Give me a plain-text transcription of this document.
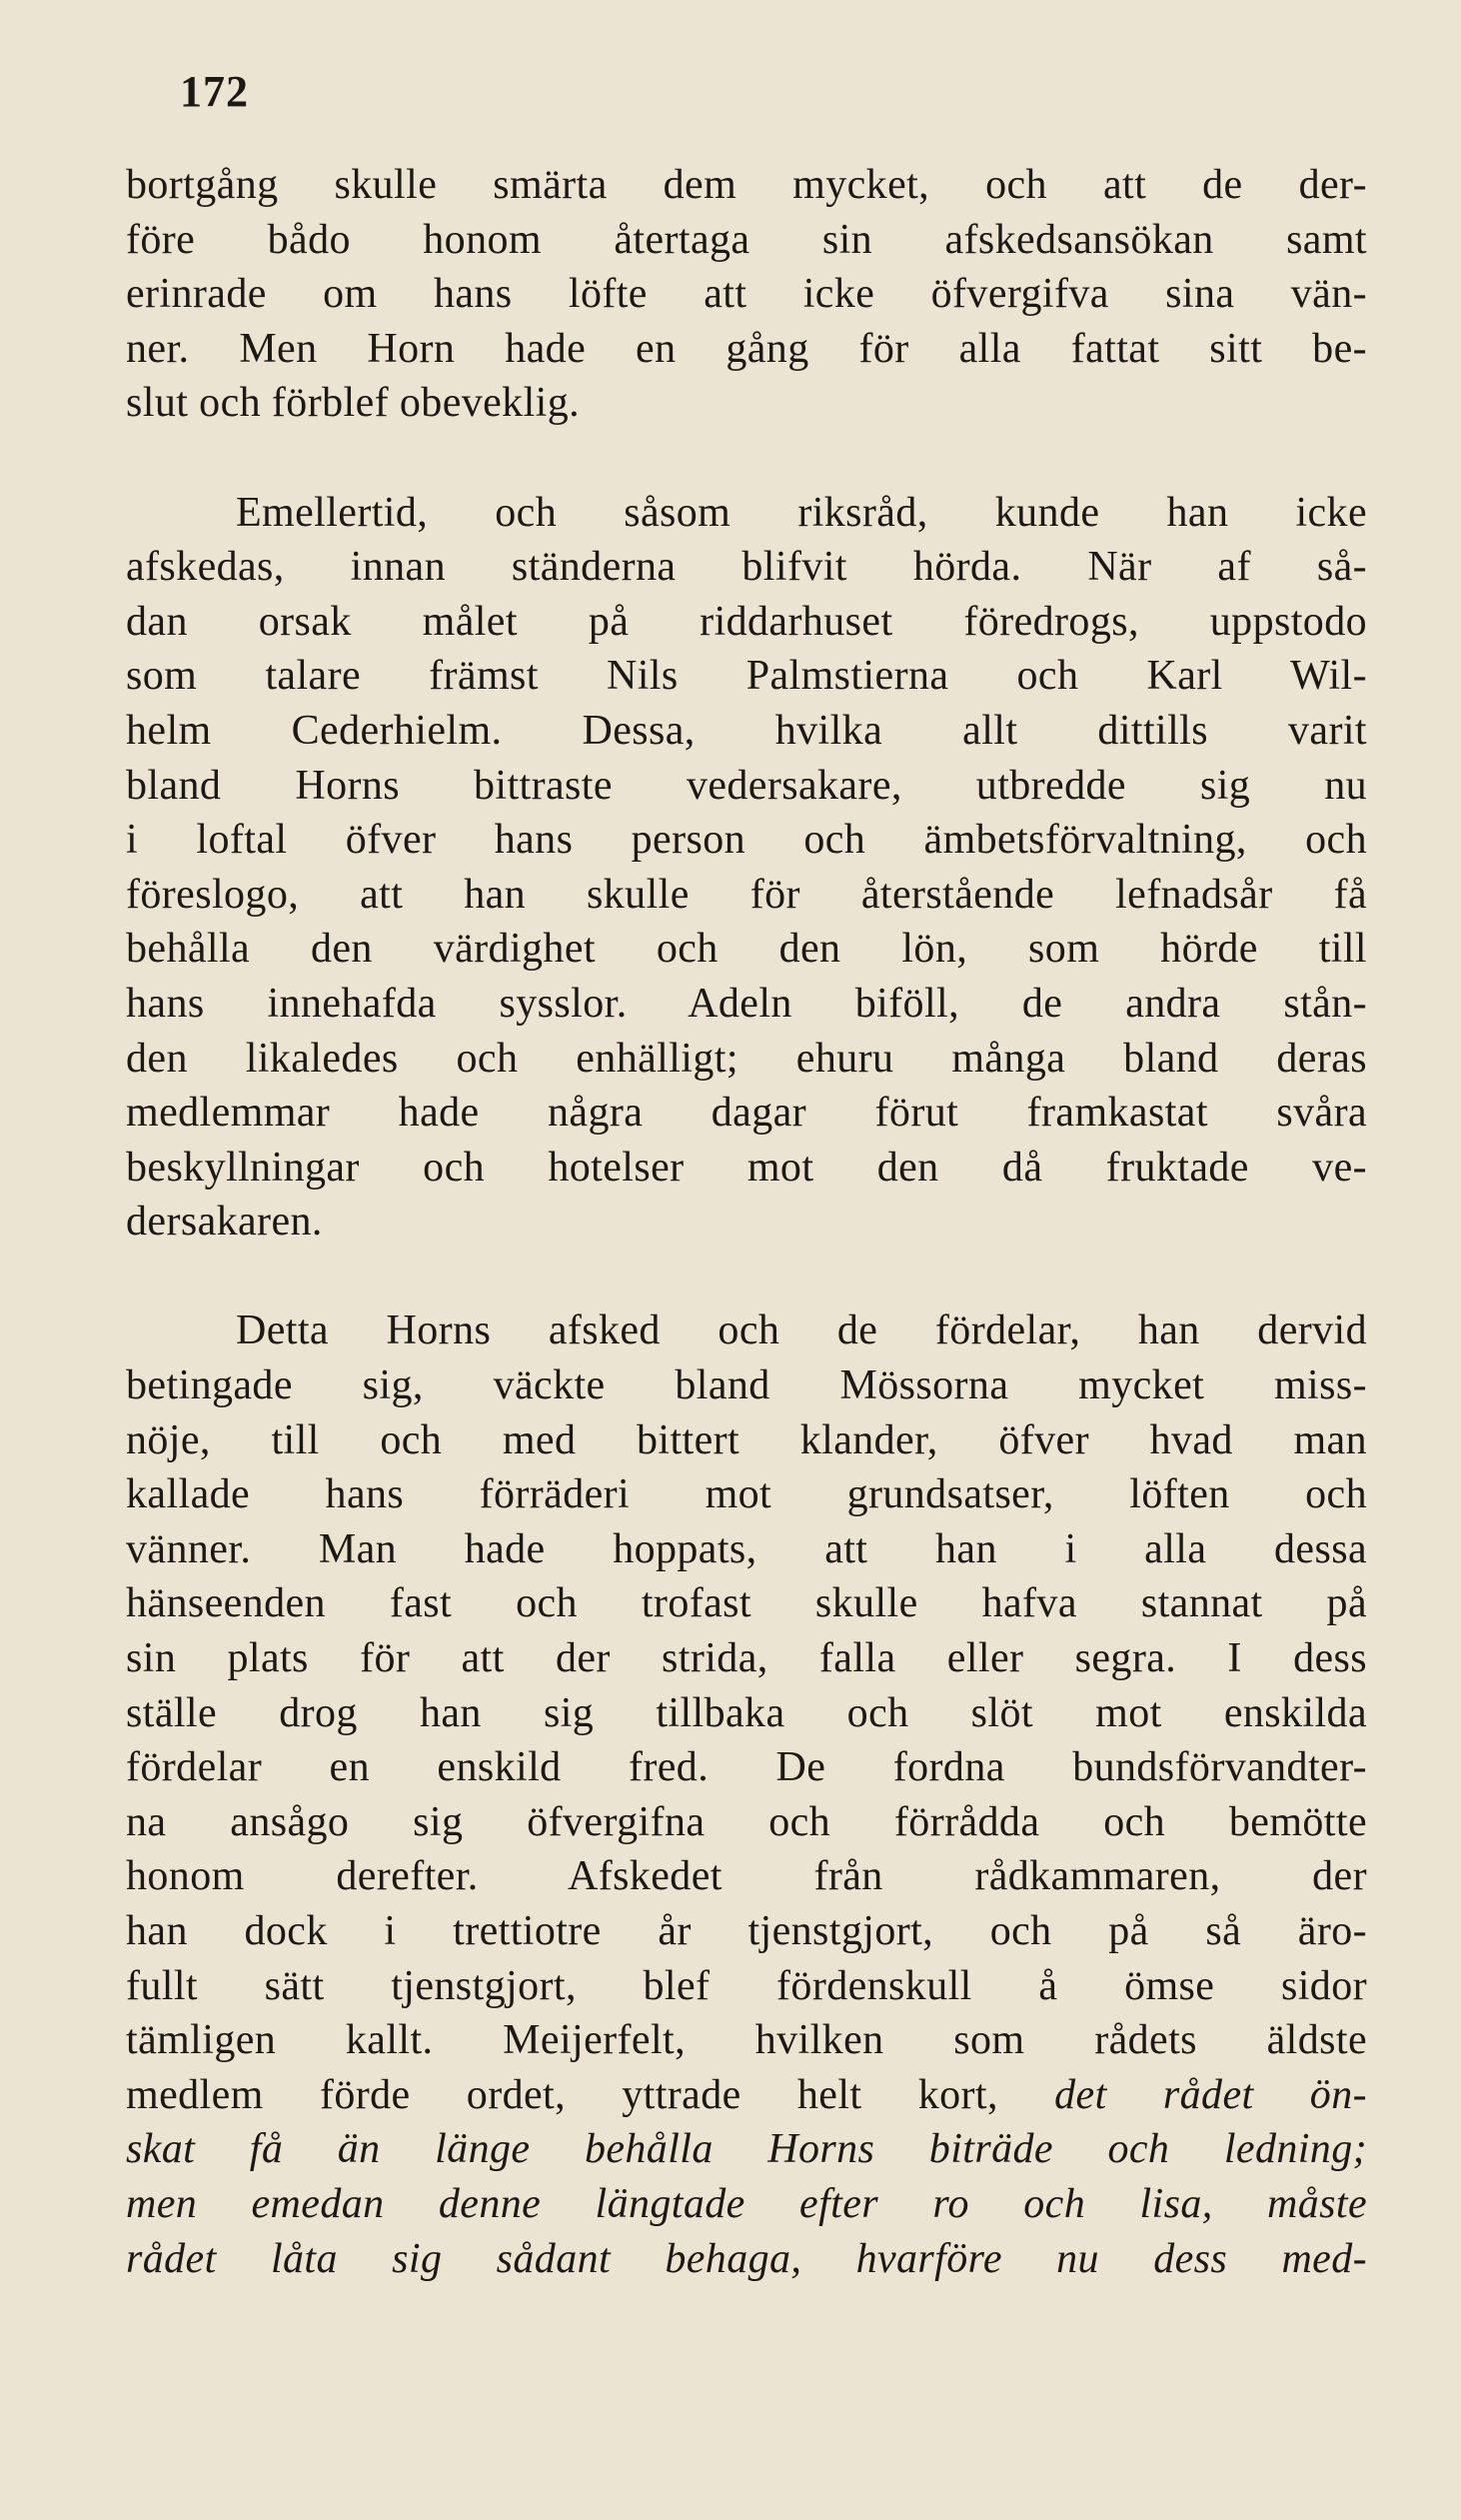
172
bortgång skulle smärta dem mycket, och att de der-
före bådo honom återtaga sin afskedsansökan samt
erinrade om hans löfte att icke öfvergifva sina vän-
ner. Men Horn hade en gång för alla fattat sitt be-
slut och förblef obeveklig.
Emellertid, och såsom riksråd, kunde han icke
afskedas, innan ständerna blifvit hörda. När af så-
dan orsak målet på riddarhuset föredrogs, uppstodo
som talare främst Nils Palmstierna och Karl Wil-
helm Cederhielm. Dessa, hvilka allt dittills varit
bland Horns bittraste vedersakare, utbredde sig nu
i loftal öfver hans person och ämbetsförvaltning, och
föreslogo, att han skulle för återstående lefnadsår få
behålla den värdighet och den lön, som hörde till
hans innehafda sysslor. Adeln biföll, de andra stån-
den likaledes och enhälligt; ehuru många bland deras
medlemmar hade några dagar förut framkastat svåra
beskyllningar och hotelser mot den då fruktade ve-
dersakaren.
Detta Horns afsked och de fördelar, han dervid
betingade sig, väckte bland Mössorna mycket miss-
nöje, till och med bittert klander, öfver hvad man
kallade hans förräderi mot grundsatser, löften och
vänner. Man hade hoppats, att han i alla dessa
hänseenden fast och trofast skulle hafva stannat på
sin plats för att der strida, falla eller segra. I dess
ställe drog han sig tillbaka och slöt mot enskilda
fördelar en enskild fred. De fordna bundsförvandter-
na ansågo sig öfvergifna och förrådda och bemötte
honom derefter. Afskedet från rådkammaren, der
han dock i trettiotre år tjenstgjort, och på så äro-
fullt sätt tjenstgjort, blef fördenskull å ömse sidor
tämligen kallt. Meijerfelt, hvilken som rådets äldste
medlem förde ordet, yttrade helt kort, det rådet ön-
skat få än länge behålla Horns biträde och ledning;
men emedan denne längtade efter ro och lisa, måste
rådet låta sig sådant behaga, hvarföre nu dess med-
